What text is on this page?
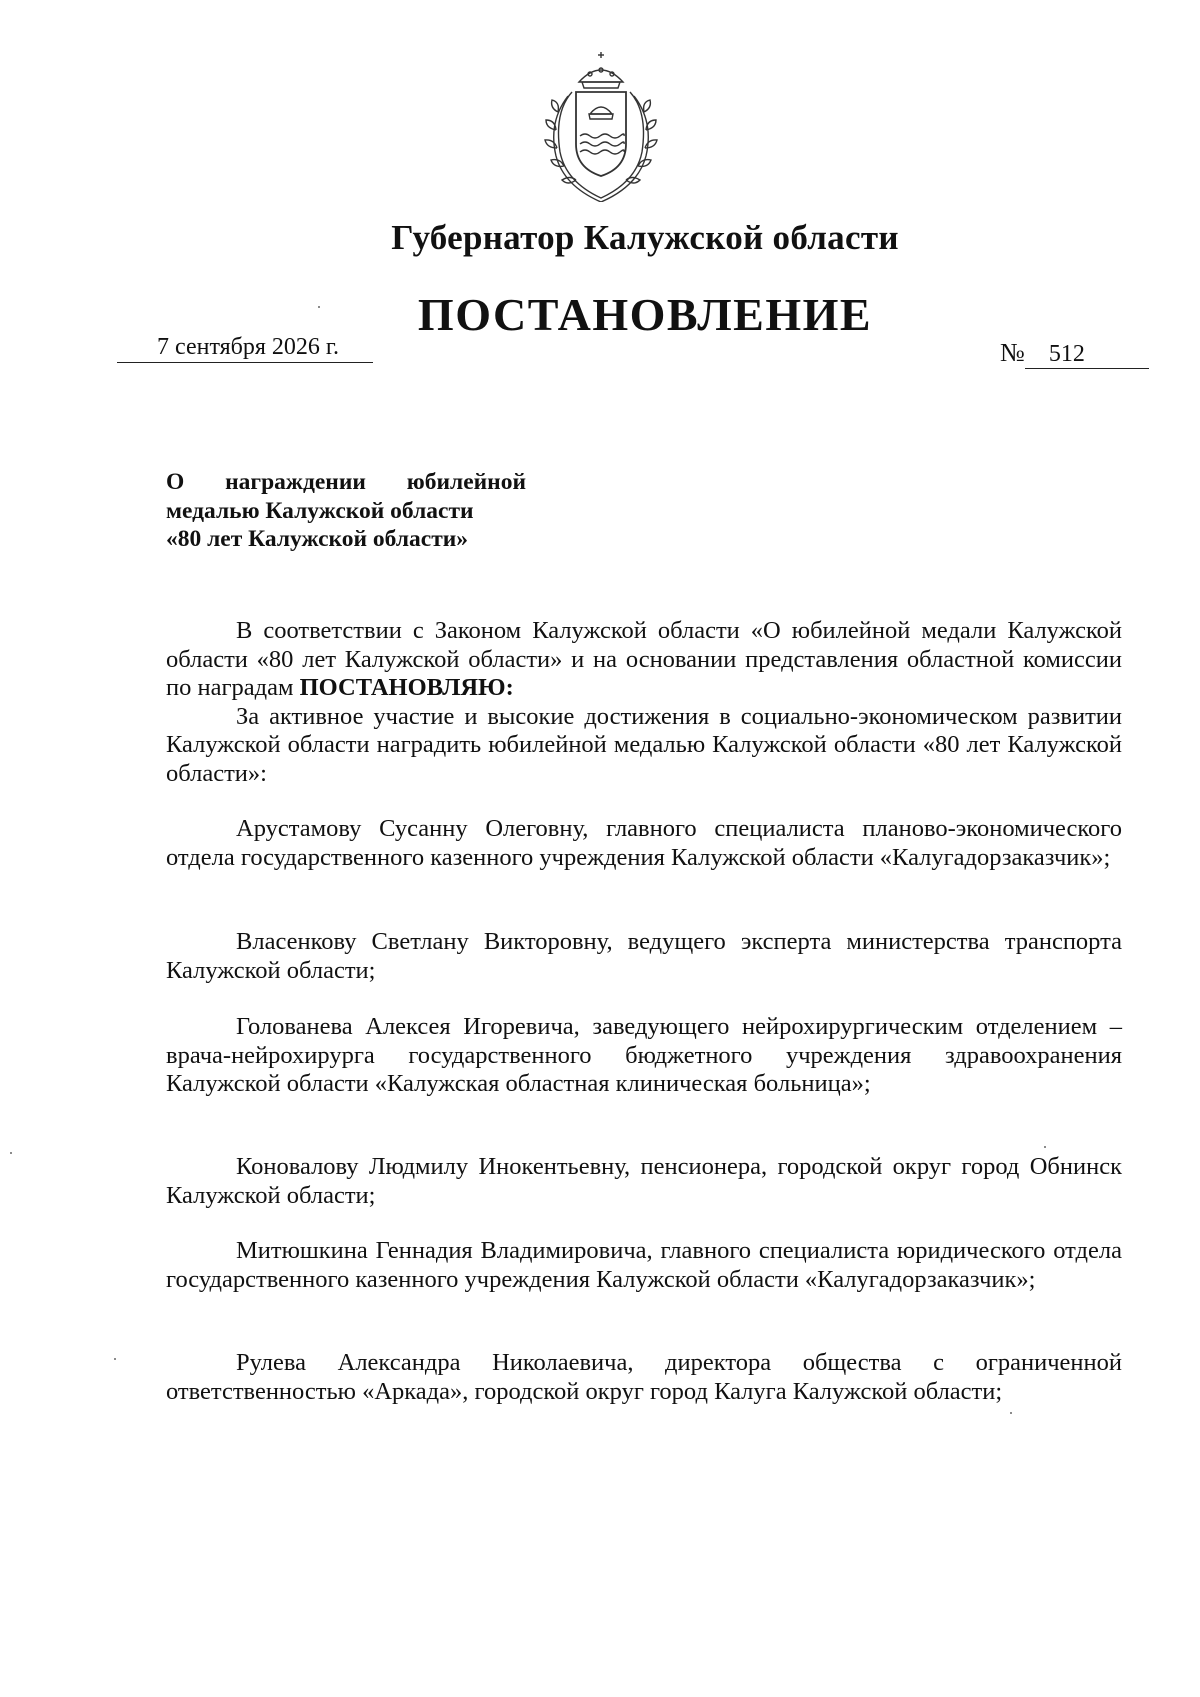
Губернатор Калужской области
ПОСТАНОВЛЕНИЕ
7 сентября 2026 г.	№ 512
О награждении юбилейной
медалью Калужской области
«80 лет Калужской области»

В соответствии с Законом Калужской области «О юбилейной медали Калужской области «80 лет Калужской области» и на основании представления областной комиссии по наградам ПОСТАНОВЛЯЮ:

За активное участие и высокие достижения в социально-экономическом развитии Калужской области наградить юбилейной медалью Калужской области «80 лет Калужской области»:

Арустамову Сусанну Олеговну, главного специалиста планово-экономического отдела государственного казенного учреждения Калужской области «Калугадорзаказчик»;

Власенкову Светлану Викторовну, ведущего эксперта министерства транспорта Калужской области;

Голованева Алексея Игоревича, заведующего нейрохирургическим отделением – врача-нейрохирурга государственного бюджетного учреждения здравоохранения Калужской области «Калужская областная клиническая больница»;

Коновалову Людмилу Инокентьевну, пенсионера, городской округ город Обнинск Калужской области;

Митюшкина Геннадия Владимировича, главного специалиста юридического отдела государственного казенного учреждения Калужской области «Калугадорзаказчик»;

Рулева Александра Николаевича, директора общества с ограниченной ответственностью «Аркада», городской округ город Калуга Калужской области;
